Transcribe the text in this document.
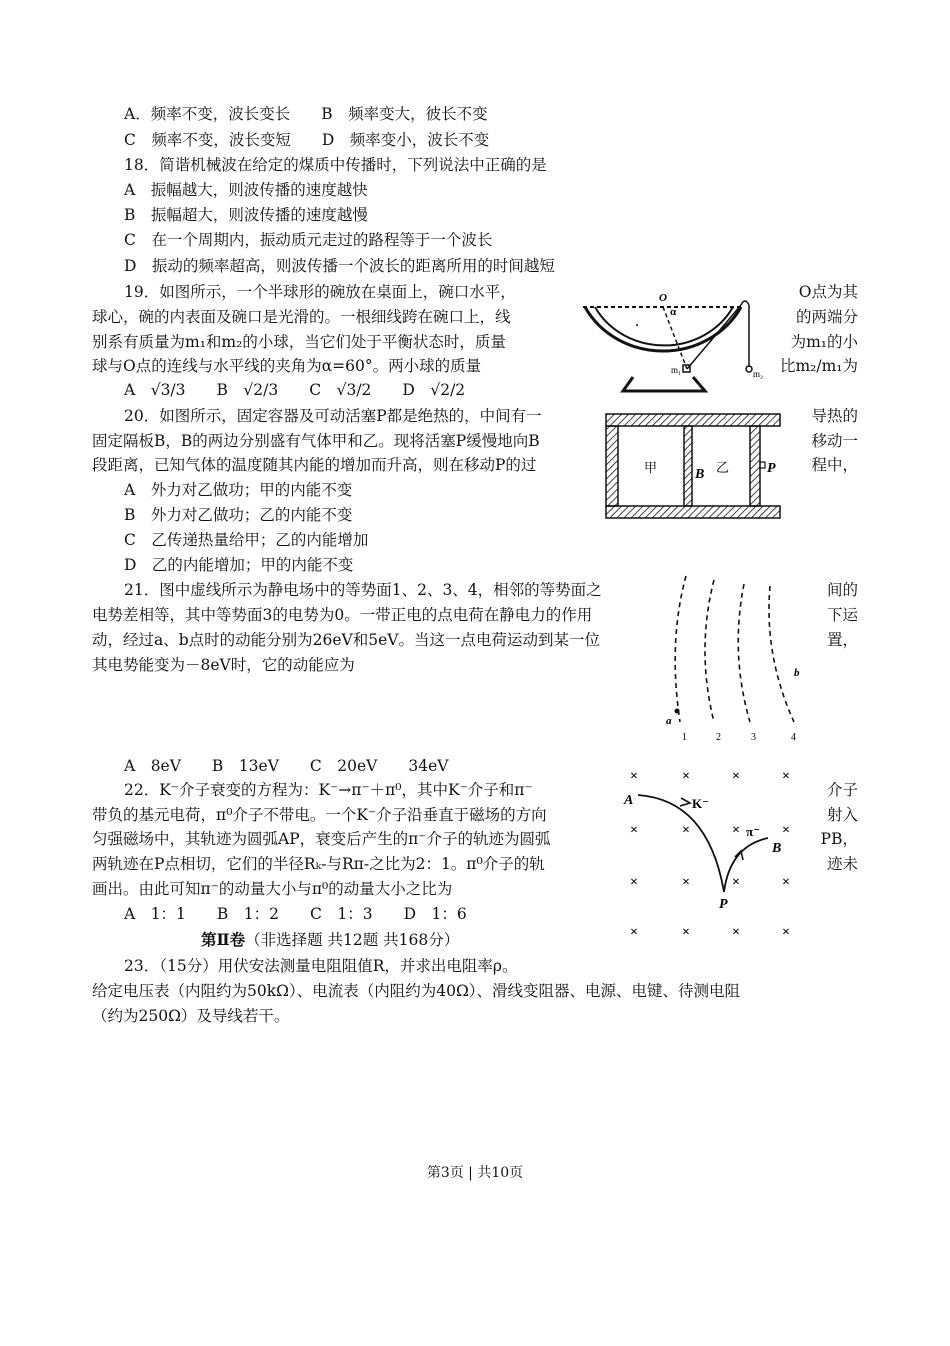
A．频率不变，波长变长　　B　频率变大，彼长不变
C　频率不变，波长变短　　D　频率变小，波长不变
18．简谐机械波在给定的煤质中传播时，下列说法中正确的是
A　振幅越大，则波传播的速度越快
B　振幅超大，则波传播的速度越慢
C　在一个周期内，振动质元走过的路程等于一个波长
D　振动的频率超高，则波传播一个波长的距离所用的时间越短
19．如图所示，一个半球形的碗放在桌面上，碗口水平，	O点为其
球心，碗的内表面及碗口是光滑的。一根细线跨在碗口上，线	的两端分
别系有质量为m₁和m₂的小球，当它们处于平衡状态时，质量	为m₁的小
球与O点的连线与水平线的夹角为α=60°。两小球的质量	比m₂/m₁为
A　√3/3　　B　√2/3　　C　√3/2　　D　√2/2
O
α
m₁	m₂
20．如图所示，固定容器及可动活塞P都是绝热的，中间有一	导热的
固定隔板B，B的两边分别盛有气体甲和乙。现将活塞P缓慢地向B	移动一
段距离，已知气体的温度随其内能的增加而升高，则在移动P的过	程中，
A　外力对乙做功；甲的内能不变
B　外力对乙做功；乙的内能不变
C　乙传递热量给甲；乙的内能增加
D　乙的内能增加；甲的内能不变
甲	B 乙	P
21．图中虚线所示为静电场中的等势面1、2、3、4，相邻的等势面之	间的
电势差相等，其中等势面3的电势为0。一带正电的点电荷在静电力的作用	下运
动，经过a、b点时的动能分别为26eV和5eV。当这一点电荷运动到某一位	置，
其电势能变为－8eV时，它的动能应为
A　8eV　　B　13eV　　C　20eV　　34eV
a
b
1	2	3	4
22．K⁻介子衰变的方程为：K⁻→π⁻＋π⁰，其中K⁻介子和π⁻	介子
带负的基元电荷，π⁰介子不带电。一个K⁻介子沿垂直于磁场的方向	射入
匀强磁场中，其轨迹为圆弧AP，衰变后产生的π⁻介子的轨迹为圆弧	PB，
两轨迹在P点相切，它们的半径Rₖ-与Rπ-之比为2：1。π⁰介子的轨	迹未
画出。由此可知π⁻的动量大小与π⁰的动量大小之比为
A　1：1　　B　1：2　　C　1：3　　D　1：6
×	×	×	×
×	×	×	×
×	×	×	×
×	×	×	×
A	K⁻
π⁻
B
P
第Ⅱ卷（非选择题 共12题 共168分）
23．（15分）用伏安法测量电阻阻值R，并求出电阻率ρ。
给定电压表（内阻约为50kΩ）、电流表（内阻约为40Ω）、滑线变阻器、电源、电键、待测电阻
（约为250Ω）及导线若干。
第3页 | 共10页
